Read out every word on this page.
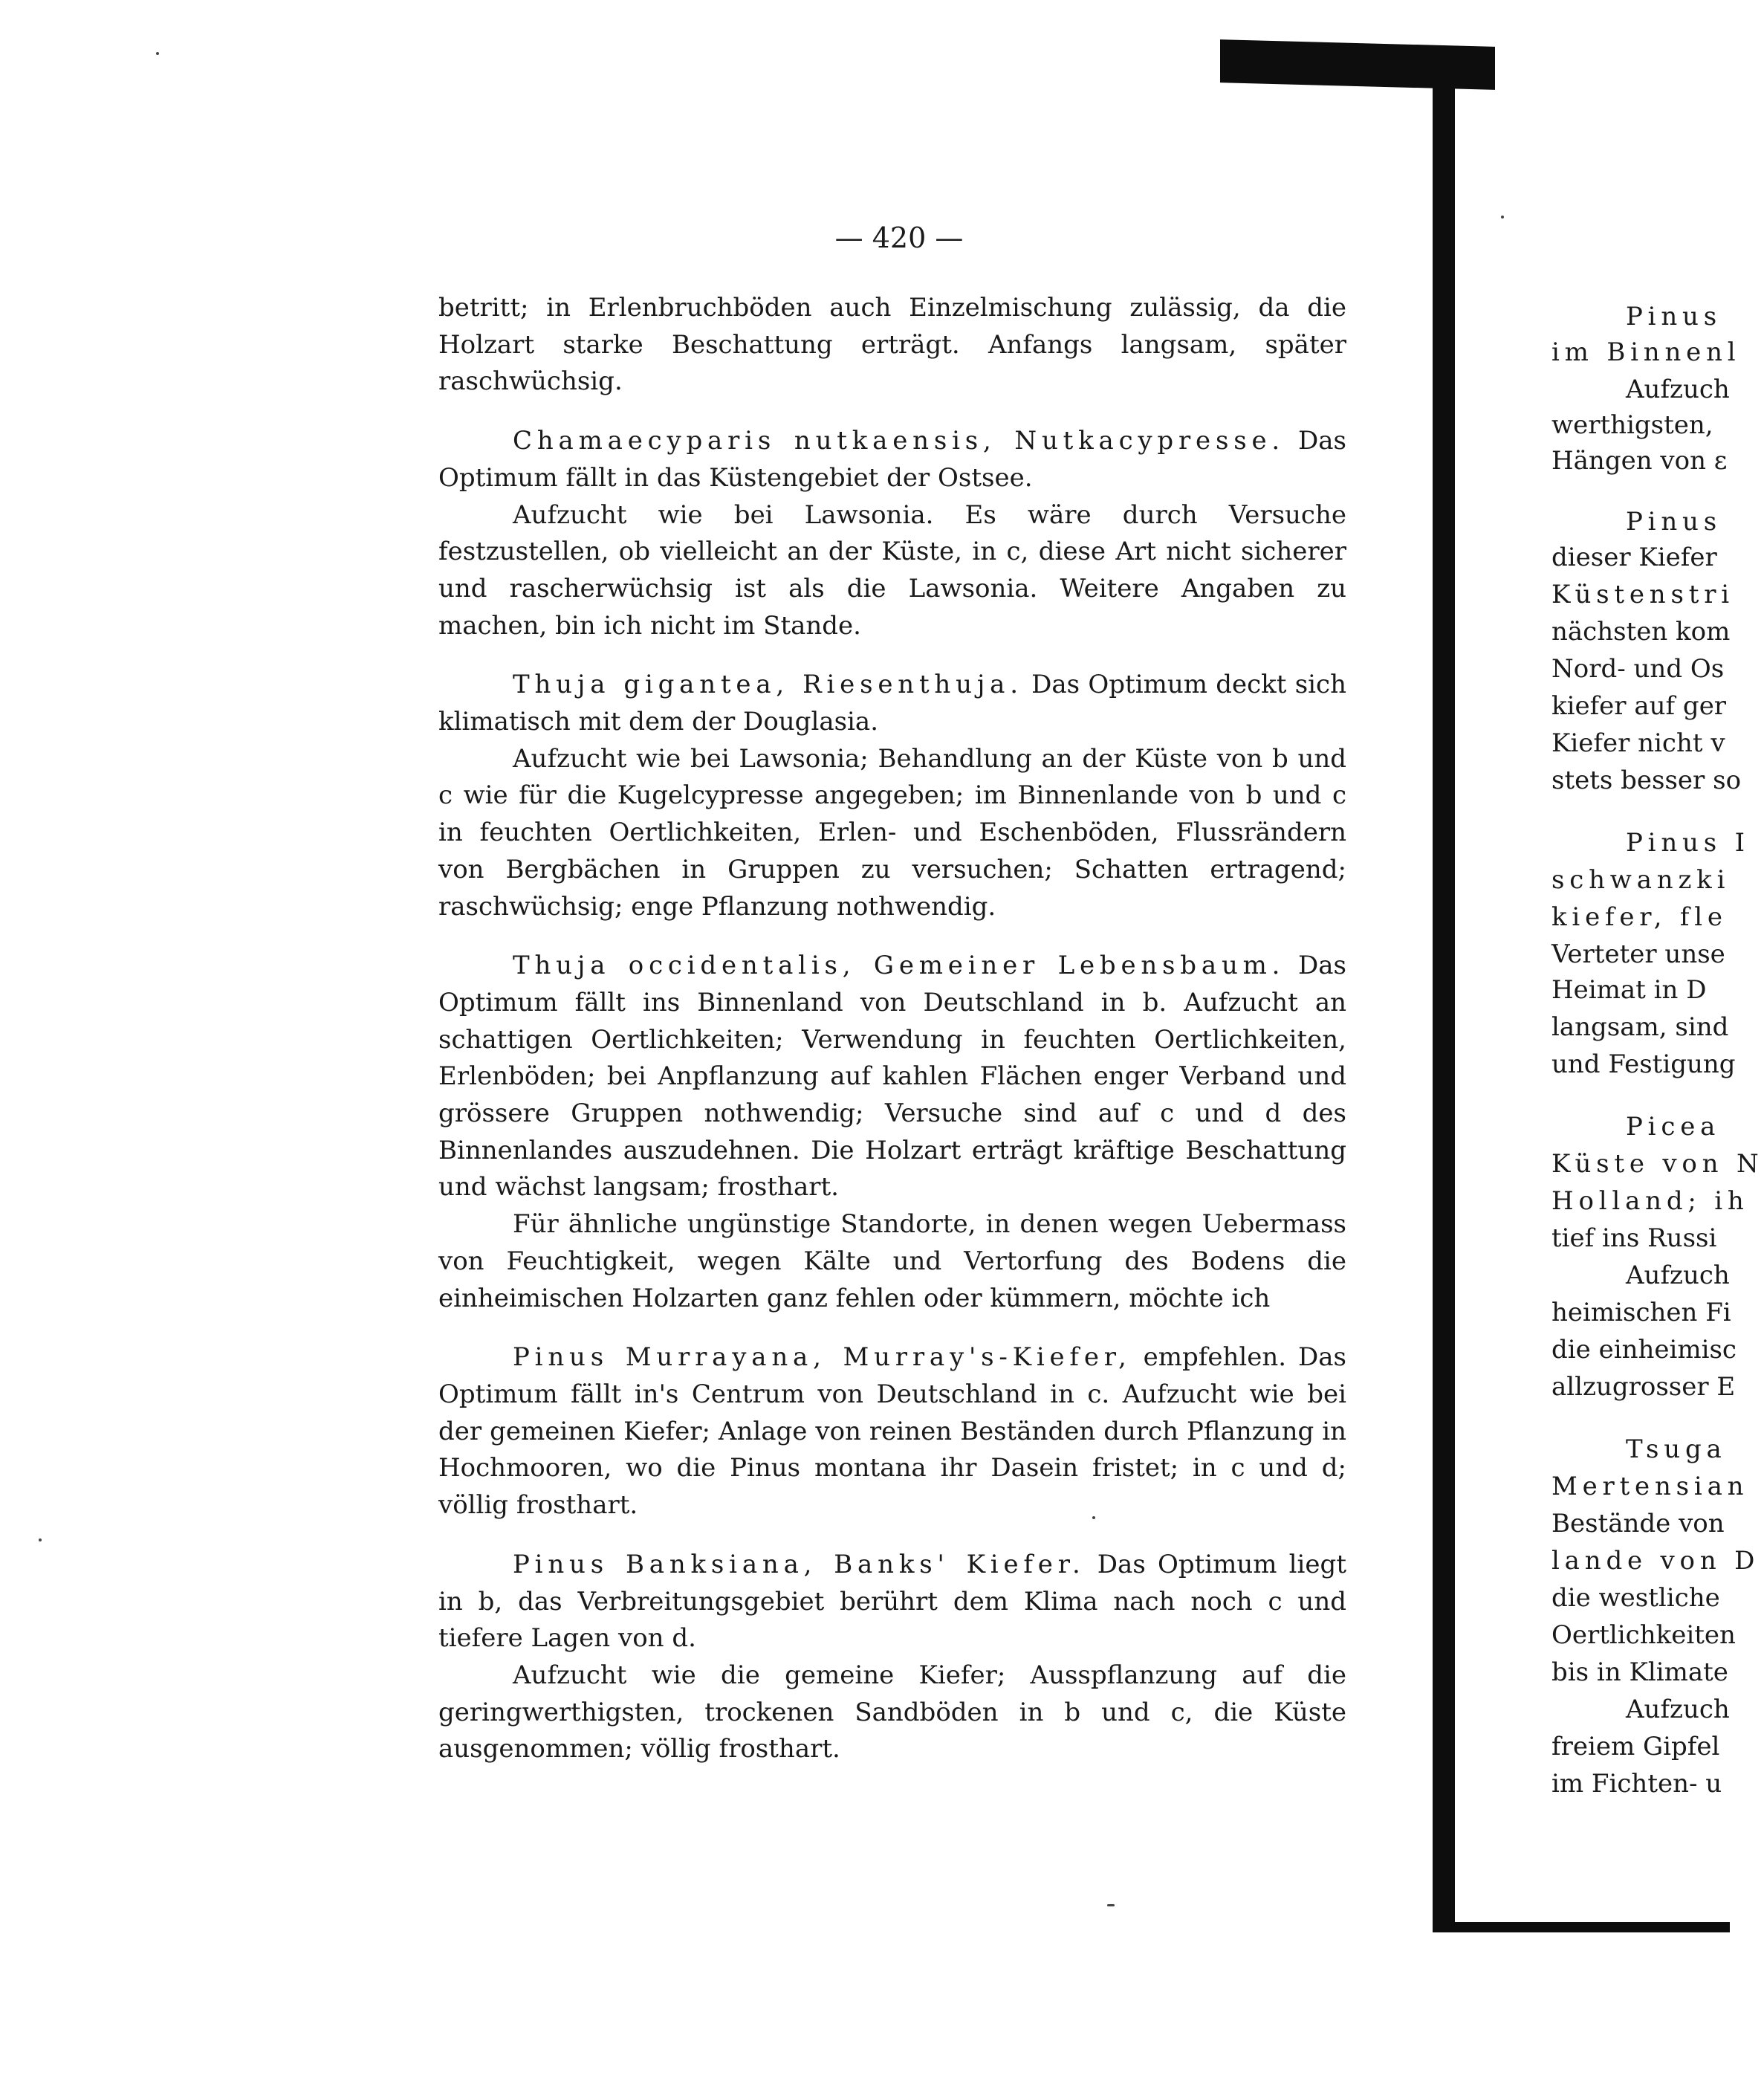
— 420 —

betritt; in Erlenbruchböden auch Einzelmischung zulässig, da die Holzart starke Beschattung erträgt. Anfangs langsam, später raschwüchsig.

Chamaecyparis nutkaensis, Nutkacypresse. Das Optimum fällt in das Küstengebiet der Ostsee.

Aufzucht wie bei Lawsonia. Es wäre durch Versuche festzustellen, ob vielleicht an der Küste, in c, diese Art nicht sicherer und rascherwüchsig ist als die Lawsonia. Weitere Angaben zu machen, bin ich nicht im Stande.

Thuja gigantea, Riesenthuja. Das Optimum deckt sich klimatisch mit dem der Douglasia.

Aufzucht wie bei Lawsonia; Behandlung an der Küste von b und c wie für die Kugelcypresse angegeben; im Binnenlande von b und c in feuchten Oertlichkeiten, Erlen- und Eschenböden, Flussrändern von Bergbächen in Gruppen zu versuchen; Schatten ertragend; raschwüchsig; enge Pflanzung nothwendig.

Thuja occidentalis, Gemeiner Lebensbaum. Das Optimum fällt ins Binnenland von Deutschland in b. Aufzucht an schattigen Oertlichkeiten; Verwendung in feuchten Oertlichkeiten, Erlenböden; bei Anpflanzung auf kahlen Flächen enger Verband und grössere Gruppen nothwendig; Versuche sind auf c und d des Binnenlandes auszudehnen. Die Holzart erträgt kräftige Beschattung und wächst langsam; frosthart.

Für ähnliche ungünstige Standorte, in denen wegen Uebermass von Feuchtigkeit, wegen Kälte und Vertorfung des Bodens die einheimischen Holzarten ganz fehlen oder kümmern, möchte ich

Pinus Murrayana, Murray's-Kiefer, empfehlen. Das Optimum fällt in's Centrum von Deutschland in c. Aufzucht wie bei der gemeinen Kiefer; Anlage von reinen Beständen durch Pflanzung in Hochmooren, wo die Pinus montana ihr Dasein fristet; in c und d; völlig frosthart.

Pinus Banksiana, Banks' Kiefer. Das Optimum liegt in b, das Verbreitungsgebiet berührt dem Klima nach noch c und tiefere Lagen von d.

Aufzucht wie die gemeine Kiefer; Ausspflanzung auf die geringwerthigsten, trockenen Sandböden in b und c, die Küste ausgenommen; völlig frosthart.

Pinus
im Binnenl
Aufzuch
werthigsten,
Hängen von ε
Pinus
dieser Kiefer
Küstenstri
nächsten kom
Nord- und Os
kiefer auf ger
Kiefer nicht v
stets besser so
Pinus I
schwanzki
kiefer, fle
Verteter unse
Heimat in D
langsam, sind
und Festigung
Picea
Küste von N
Holland; ih
tief ins Russi
Aufzuch
heimischen Fi
die einheimisc
allzugrosser E
Tsuga
Mertensian
Bestände von
lande von D
die westliche
Oertlichkeiten
bis in Klimate
Aufzuch
freiem Gipfel
im Fichten- u
